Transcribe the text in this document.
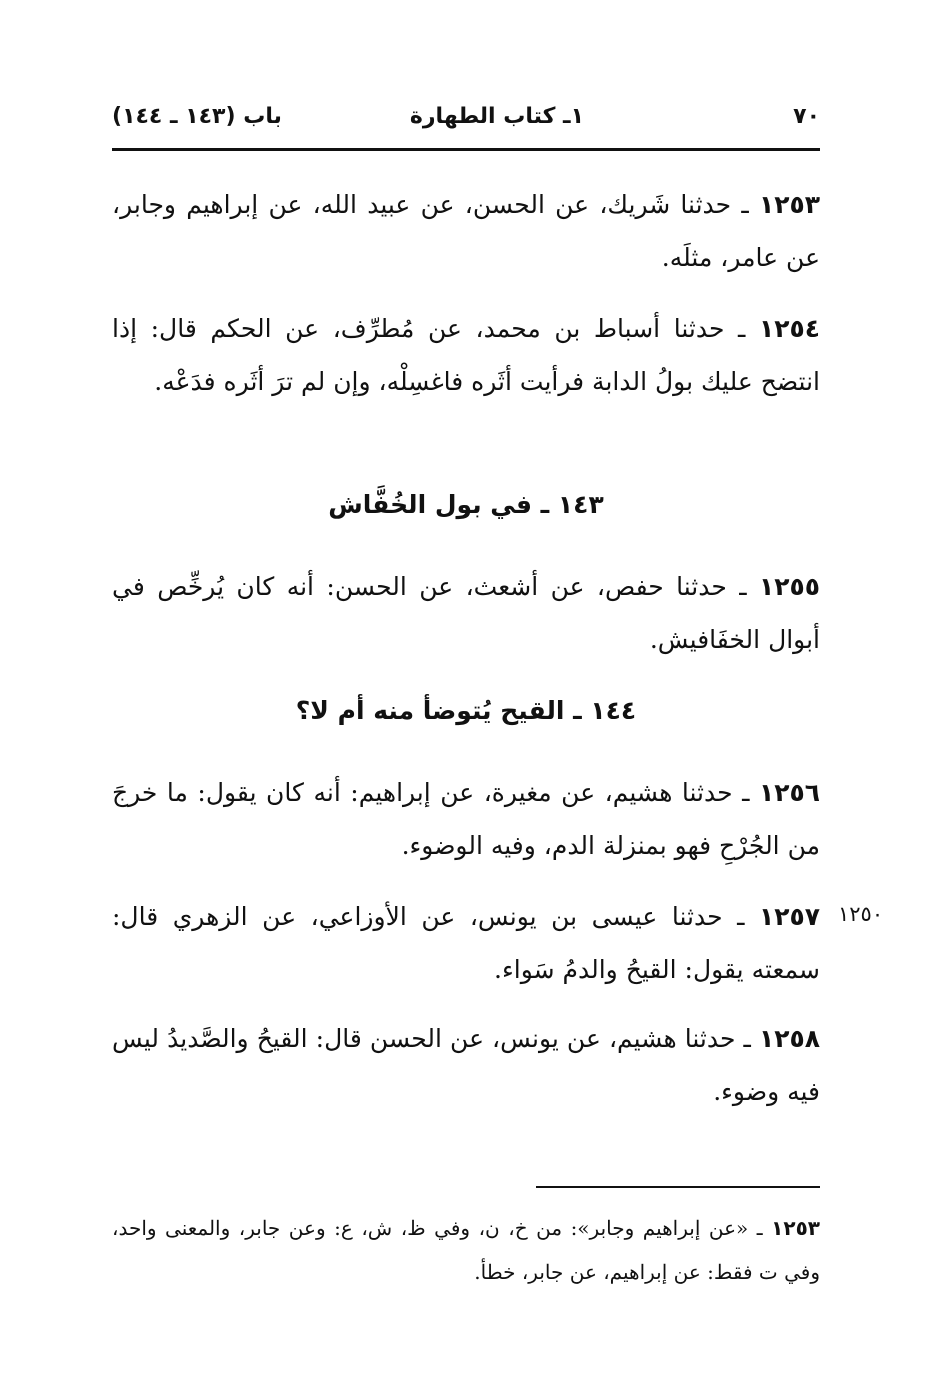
٧٠
١ـ كتاب الطهارة
باب (١٤٣ ـ ١٤٤)

١٢٥٣ ـ حدثنا شَريك، عن الحسن، عن عبيد الله، عن إبراهيم وجابر، عن عامر، مثلَه.

١٢٥٤ ـ حدثنا أسباط بن محمد، عن مُطرِّف، عن الحكم قال: إذا انتضح عليك بولُ الدابة فرأيت أثَره فاغسِلْه، وإن لم ترَ أثَره فدَعْه.

١٤٣ ـ في بول الخُفَّاش

١٢٥٥ ـ حدثنا حفص، عن أشعث، عن الحسن: أنه كان يُرخِّص في أبوال الخفَافيش.

١٤٤ ـ القيح يُتوضأ منه أم لا؟

١٢٥٦ ـ حدثنا هشيم، عن مغيرة، عن إبراهيم: أنه كان يقول: ما خرجَ من الجُرْحِ فهو بمنزلة الدم، وفيه الوضوء.

١٢٥٧ ـ حدثنا عيسى بن يونس، عن الأوزاعي، عن الزهري قال: سمعته يقول: القيحُ والدمُ سَواء.

١٢٥٠

١٢٥٨ ـ حدثنا هشيم، عن يونس، عن الحسن قال: القيحُ والصَّديدُ ليس فيه وضوء.

١٢٥٣ ـ «عن إبراهيم وجابر»: من خ، ن، وفي ظ، ش، ع: وعن جابر، والمعنى واحد، وفي ت فقط: عن إبراهيم، عن جابر، خطأ.
